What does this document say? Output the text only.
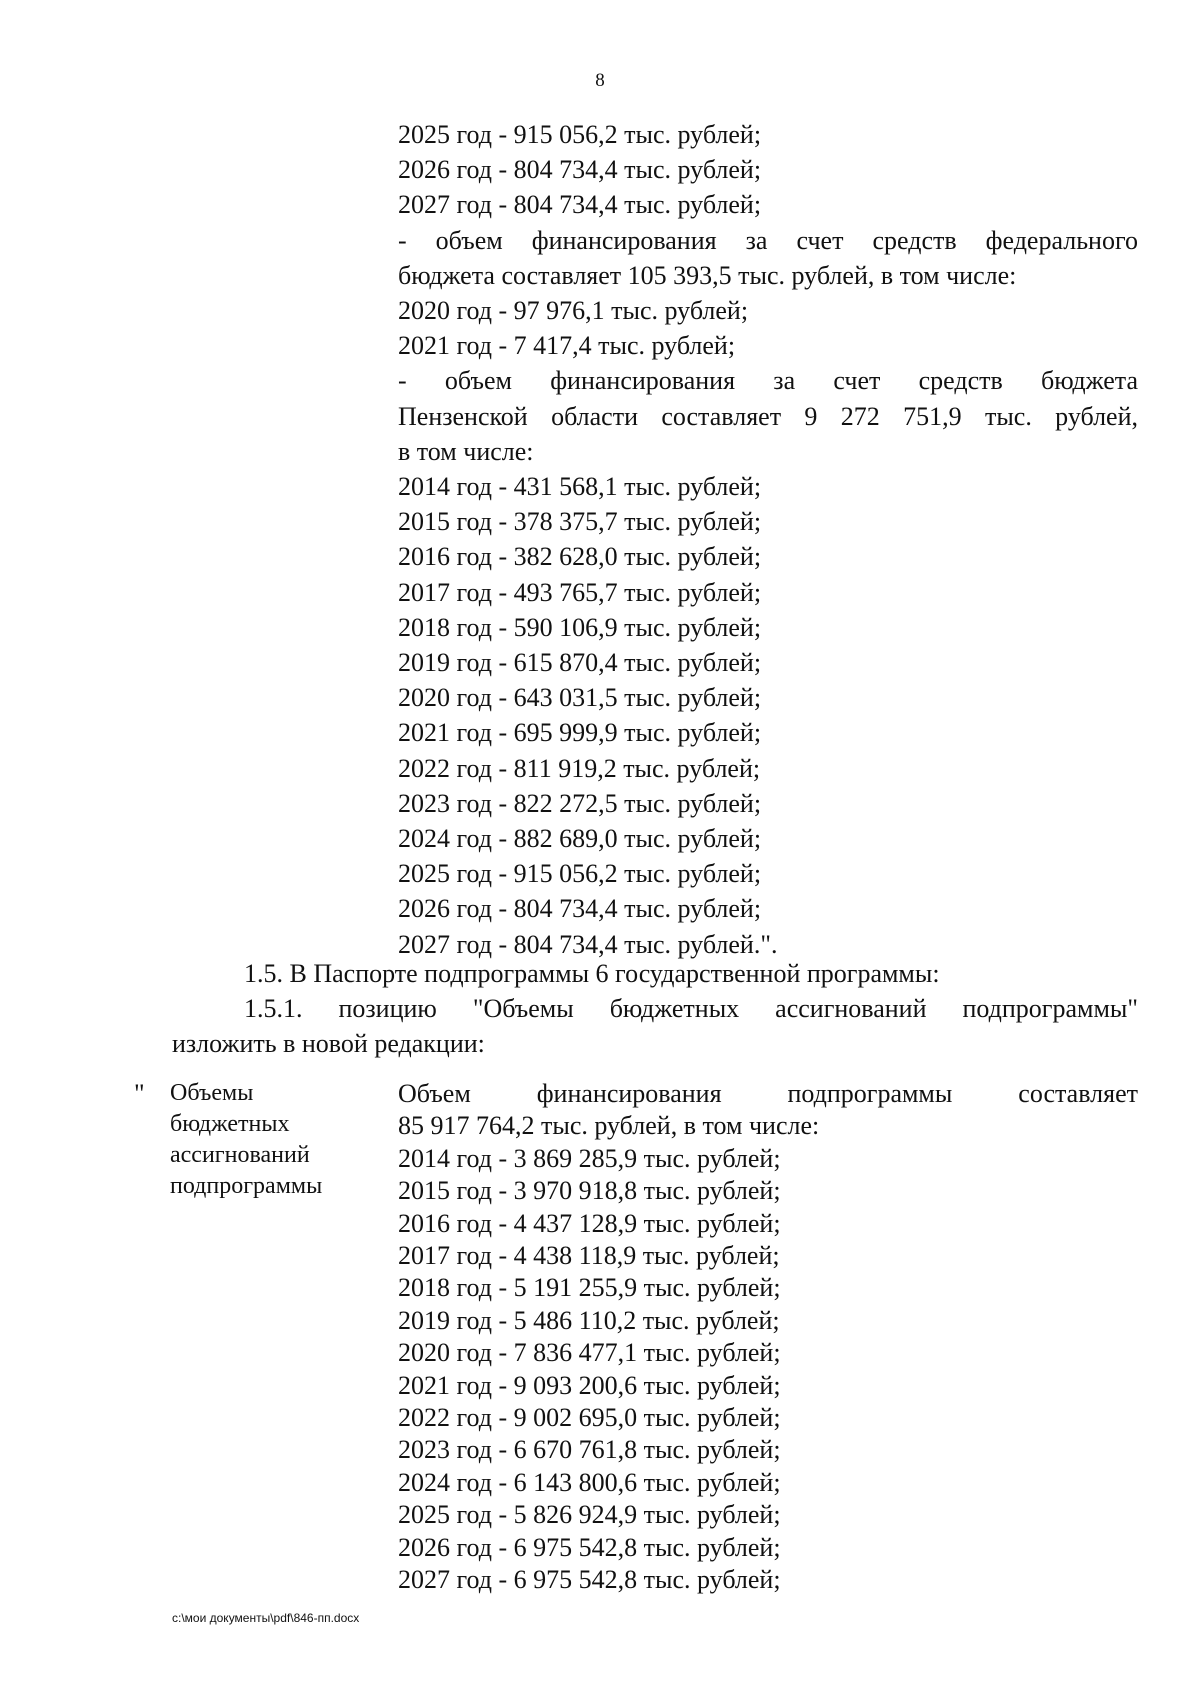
8
2025 год - 915 056,2 тыс. рублей;
2026 год - 804 734,4 тыс. рублей;
2027 год - 804 734,4 тыс. рублей;
- объем финансирования за счет средств федерального
бюджета составляет 105 393,5 тыс. рублей, в том числе:
2020 год - 97 976,1 тыс. рублей;
2021 год - 7 417,4 тыс. рублей;
- объем финансирования за счет средств бюджета
Пензенской области составляет 9 272 751,9 тыс. рублей,
в том числе:
2014 год - 431 568,1 тыс. рублей;
2015 год - 378 375,7 тыс. рублей;
2016 год - 382 628,0 тыс. рублей;
2017 год - 493 765,7 тыс. рублей;
2018 год - 590 106,9 тыс. рублей;
2019 год - 615 870,4 тыс. рублей;
2020 год - 643 031,5 тыс. рублей;
2021 год - 695 999,9 тыс. рублей;
2022 год - 811 919,2 тыс. рублей;
2023 год - 822 272,5 тыс. рублей;
2024 год - 882 689,0 тыс. рублей;
2025 год - 915 056,2 тыс. рублей;
2026 год - 804 734,4 тыс. рублей;
2027 год - 804 734,4 тыс. рублей.".
1.5. В Паспорте подпрограммы 6 государственной программы:
1.5.1. позицию "Объемы бюджетных ассигнований подпрограммы"
изложить в новой редакции:
" Объемы
бюджетных
ассигнований
подпрограммы
Объем финансирования подпрограммы составляет
85 917 764,2 тыс. рублей, в том числе:
2014 год - 3 869 285,9 тыс. рублей;
2015 год - 3 970 918,8 тыс. рублей;
2016 год - 4 437 128,9 тыс. рублей;
2017 год - 4 438 118,9 тыс. рублей;
2018 год - 5 191 255,9 тыс. рублей;
2019 год - 5 486 110,2 тыс. рублей;
2020 год - 7 836 477,1 тыс. рублей;
2021 год - 9 093 200,6 тыс. рублей;
2022 год - 9 002 695,0 тыс. рублей;
2023 год - 6 670 761,8 тыс. рублей;
2024 год - 6 143 800,6 тыс. рублей;
2025 год - 5 826 924,9 тыс. рублей;
2026 год - 6 975 542,8 тыс. рублей;
2027 год - 6 975 542,8 тыс. рублей;
c:\мои документы\pdf\846-пп.docx
